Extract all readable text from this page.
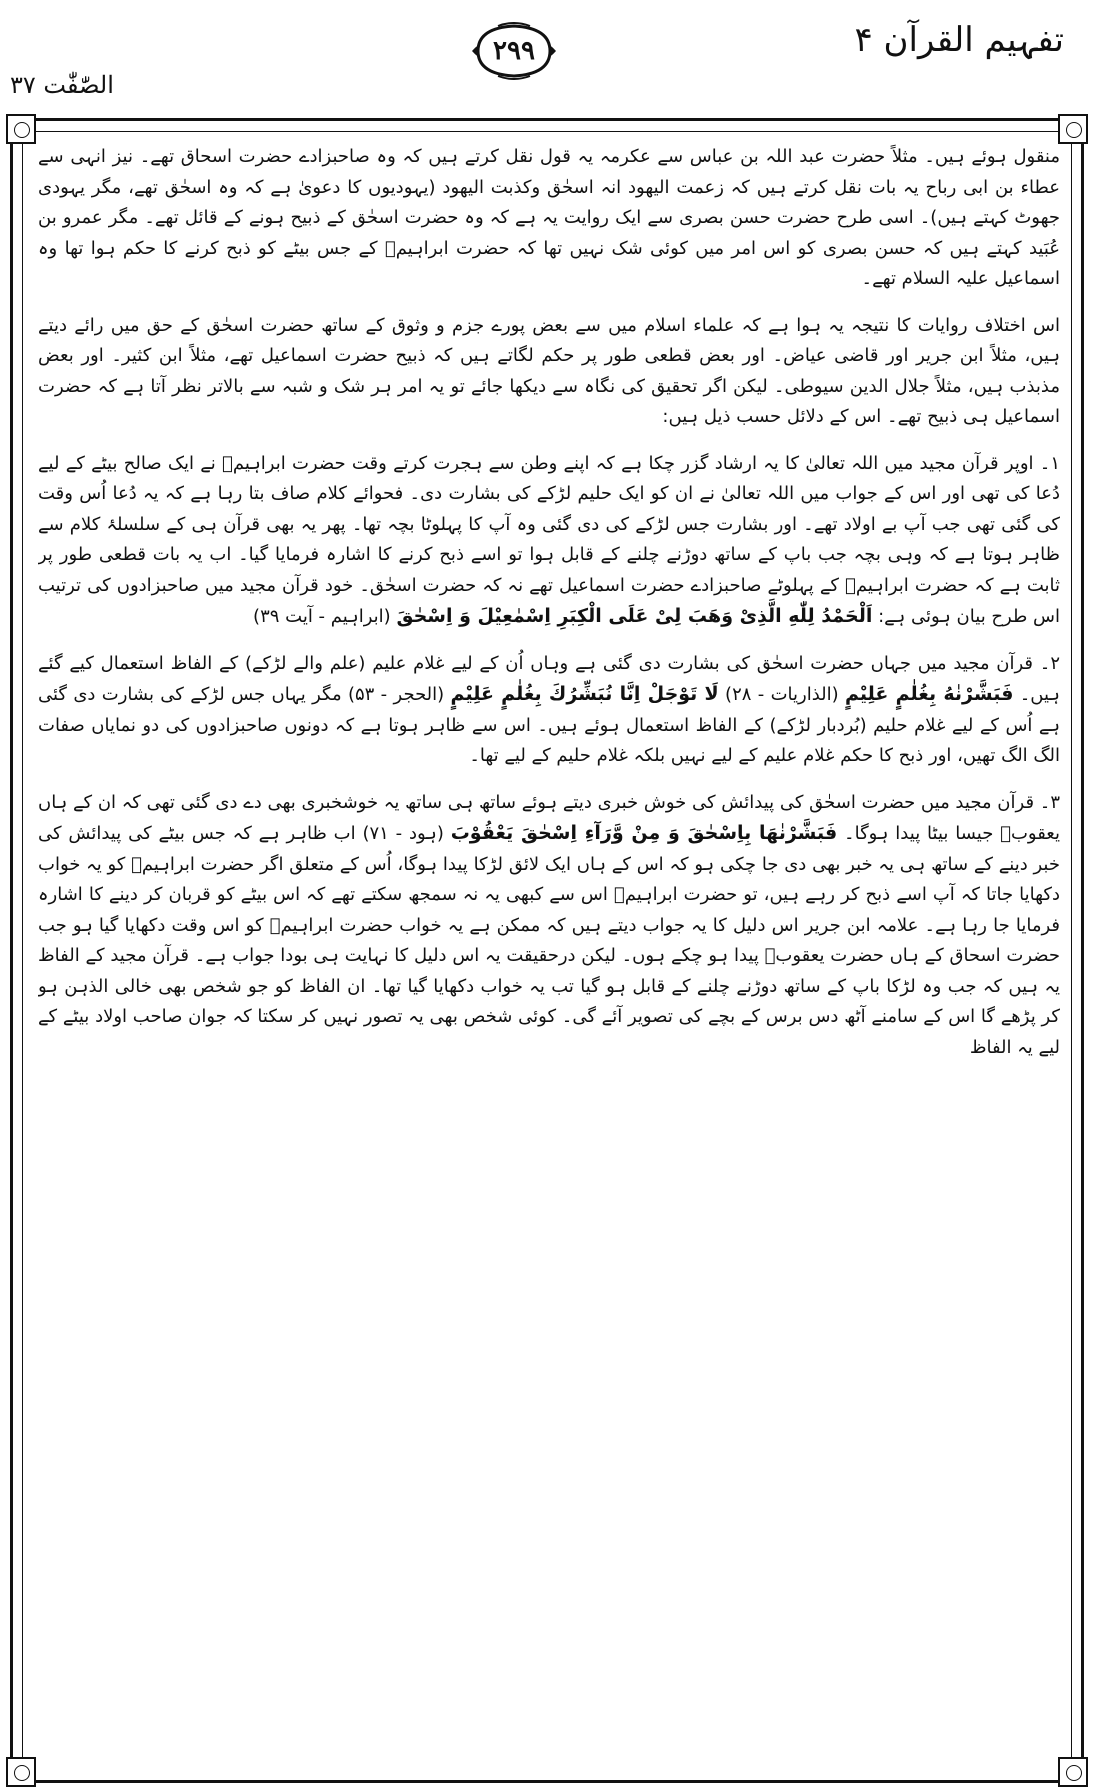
تفہیم القرآن ۴
۲۹۹
الصّٰفّٰت ۳۷

منقول ہوئے ہیں۔ مثلاً حضرت عبد اللہ بن عباس سے عکرمہ یہ قول نقل کرتے ہیں کہ وہ صاحبزادے حضرت اسحاق تھے۔ نیز انہی سے عطاء بن ابی رباح یہ بات نقل کرتے ہیں کہ زعمت الیھود انہ اسحٰق وکذبت الیھود (یہودیوں کا دعویٰ ہے کہ وہ اسحٰق تھے، مگر یہودی جھوٹ کہتے ہیں)۔ اسی طرح حضرت حسن بصری سے ایک روایت یہ ہے کہ وہ حضرت اسحٰق کے ذبیح ہونے کے قائل تھے۔ مگر عمرو بن عُبَید کہتے ہیں کہ حسن بصری کو اس امر میں کوئی شک نہیں تھا کہ حضرت ابراہیمؑ کے جس بیٹے کو ذبح کرنے کا حکم ہوا تھا وہ اسماعیل علیہ السلام تھے۔

اس اختلاف روایات کا نتیجہ یہ ہوا ہے کہ علماء اسلام میں سے بعض پورے جزم و وثوق کے ساتھ حضرت اسحٰق کے حق میں رائے دیتے ہیں، مثلاً ابن جریر اور قاضی عیاض۔ اور بعض قطعی طور پر حکم لگاتے ہیں کہ ذبیح حضرت اسماعیل تھے، مثلاً ابن کثیر۔ اور بعض مذبذب ہیں، مثلاً جلال الدین سیوطی۔ لیکن اگر تحقیق کی نگاہ سے دیکھا جائے تو یہ امر ہر شک و شبہ سے بالاتر نظر آتا ہے کہ حضرت اسماعیل ہی ذبیح تھے۔ اس کے دلائل حسب ذیل ہیں:

۱۔ اوپر قرآن مجید میں اللہ تعالیٰ کا یہ ارشاد گزر چکا ہے کہ اپنے وطن سے ہجرت کرتے وقت حضرت ابراہیمؑ نے ایک صالح بیٹے کے لیے دُعا کی تھی اور اس کے جواب میں اللہ تعالیٰ نے ان کو ایک حلیم لڑکے کی بشارت دی۔ فحوائے کلام صاف بتا رہا ہے کہ یہ دُعا اُس وقت کی گئی تھی جب آپ بے اولاد تھے۔ اور بشارت جس لڑکے کی دی گئی وہ آپ کا پہلوٹا بچہ تھا۔ پھر یہ بھی قرآن ہی کے سلسلۂ کلام سے ظاہر ہوتا ہے کہ وہی بچہ جب باپ کے ساتھ دوڑنے چلنے کے قابل ہوا تو اسے ذبح کرنے کا اشارہ فرمایا گیا۔ اب یہ بات قطعی طور پر ثابت ہے کہ حضرت ابراہیمؑ کے پہلوٹے صاحبزادے حضرت اسماعیل تھے نہ کہ حضرت اسحٰق۔ خود قرآن مجید میں صاحبزادوں کی ترتیب اس طرح بیان ہوئی ہے: اَلْحَمْدُ لِلّٰهِ الَّذِیْ وَهَبَ لِیْ عَلَى الْكِبَرِ اِسْمٰعِیْلَ وَ اِسْحٰقَ (ابراہیم - آیت ۳۹)

۲۔ قرآن مجید میں جہاں حضرت اسحٰق کی بشارت دی گئی ہے وہاں اُن کے لیے غلام علیم (علم والے لڑکے) کے الفاظ استعمال کیے گئے ہیں۔ فَبَشَّرْنٰهُ بِغُلٰمٍ عَلِیْمٍ (الذاریات - ۲۸) لَا تَوْجَلْ اِنَّا نُبَشِّرُكَ بِغُلٰمٍ عَلِیْمٍ (الحجر - ۵۳) مگر یہاں جس لڑکے کی بشارت دی گئی ہے اُس کے لیے غلام حلیم (بُردبار لڑکے) کے الفاظ استعمال ہوئے ہیں۔ اس سے ظاہر ہوتا ہے کہ دونوں صاحبزادوں کی دو نمایاں صفات الگ الگ تھیں، اور ذبح کا حکم غلام علیم کے لیے نہیں بلکہ غلام حلیم کے لیے تھا۔

۳۔ قرآن مجید میں حضرت اسحٰق کی پیدائش کی خوش خبری دیتے ہوئے ساتھ ہی ساتھ یہ خوشخبری بھی دے دی گئی تھی کہ ان کے ہاں یعقوبؑ جیسا بیٹا پیدا ہوگا۔ فَبَشَّرْنٰهَا بِاِسْحٰقَ وَ مِنْ وَّرَآءِ اِسْحٰقَ یَعْقُوْبَ (ہود - ۷۱) اب ظاہر ہے کہ جس بیٹے کی پیدائش کی خبر دینے کے ساتھ ہی یہ خبر بھی دی جا چکی ہو کہ اس کے ہاں ایک لائق لڑکا پیدا ہوگا، اُس کے متعلق اگر حضرت ابراہیمؑ کو یہ خواب دکھایا جاتا کہ آپ اسے ذبح کر رہے ہیں، تو حضرت ابراہیمؑ اس سے کبھی یہ نہ سمجھ سکتے تھے کہ اس بیٹے کو قربان کر دینے کا اشارہ فرمایا جا رہا ہے۔ علامہ ابن جریر اس دلیل کا یہ جواب دیتے ہیں کہ ممکن ہے یہ خواب حضرت ابراہیمؑ کو اس وقت دکھایا گیا ہو جب حضرت اسحاق کے ہاں حضرت یعقوبؑ پیدا ہو چکے ہوں۔ لیکن درحقیقت یہ اس دلیل کا نہایت ہی بودا جواب ہے۔ قرآن مجید کے الفاظ یہ ہیں کہ جب وہ لڑکا باپ کے ساتھ دوڑنے چلنے کے قابل ہو گیا تب یہ خواب دکھایا گیا تھا۔ ان الفاظ کو جو شخص بھی خالی الذہن ہو کر پڑھے گا اس کے سامنے آٹھ دس برس کے بچے کی تصویر آئے گی۔ کوئی شخص بھی یہ تصور نہیں کر سکتا کہ جوان صاحب اولاد بیٹے کے لیے یہ الفاظ
